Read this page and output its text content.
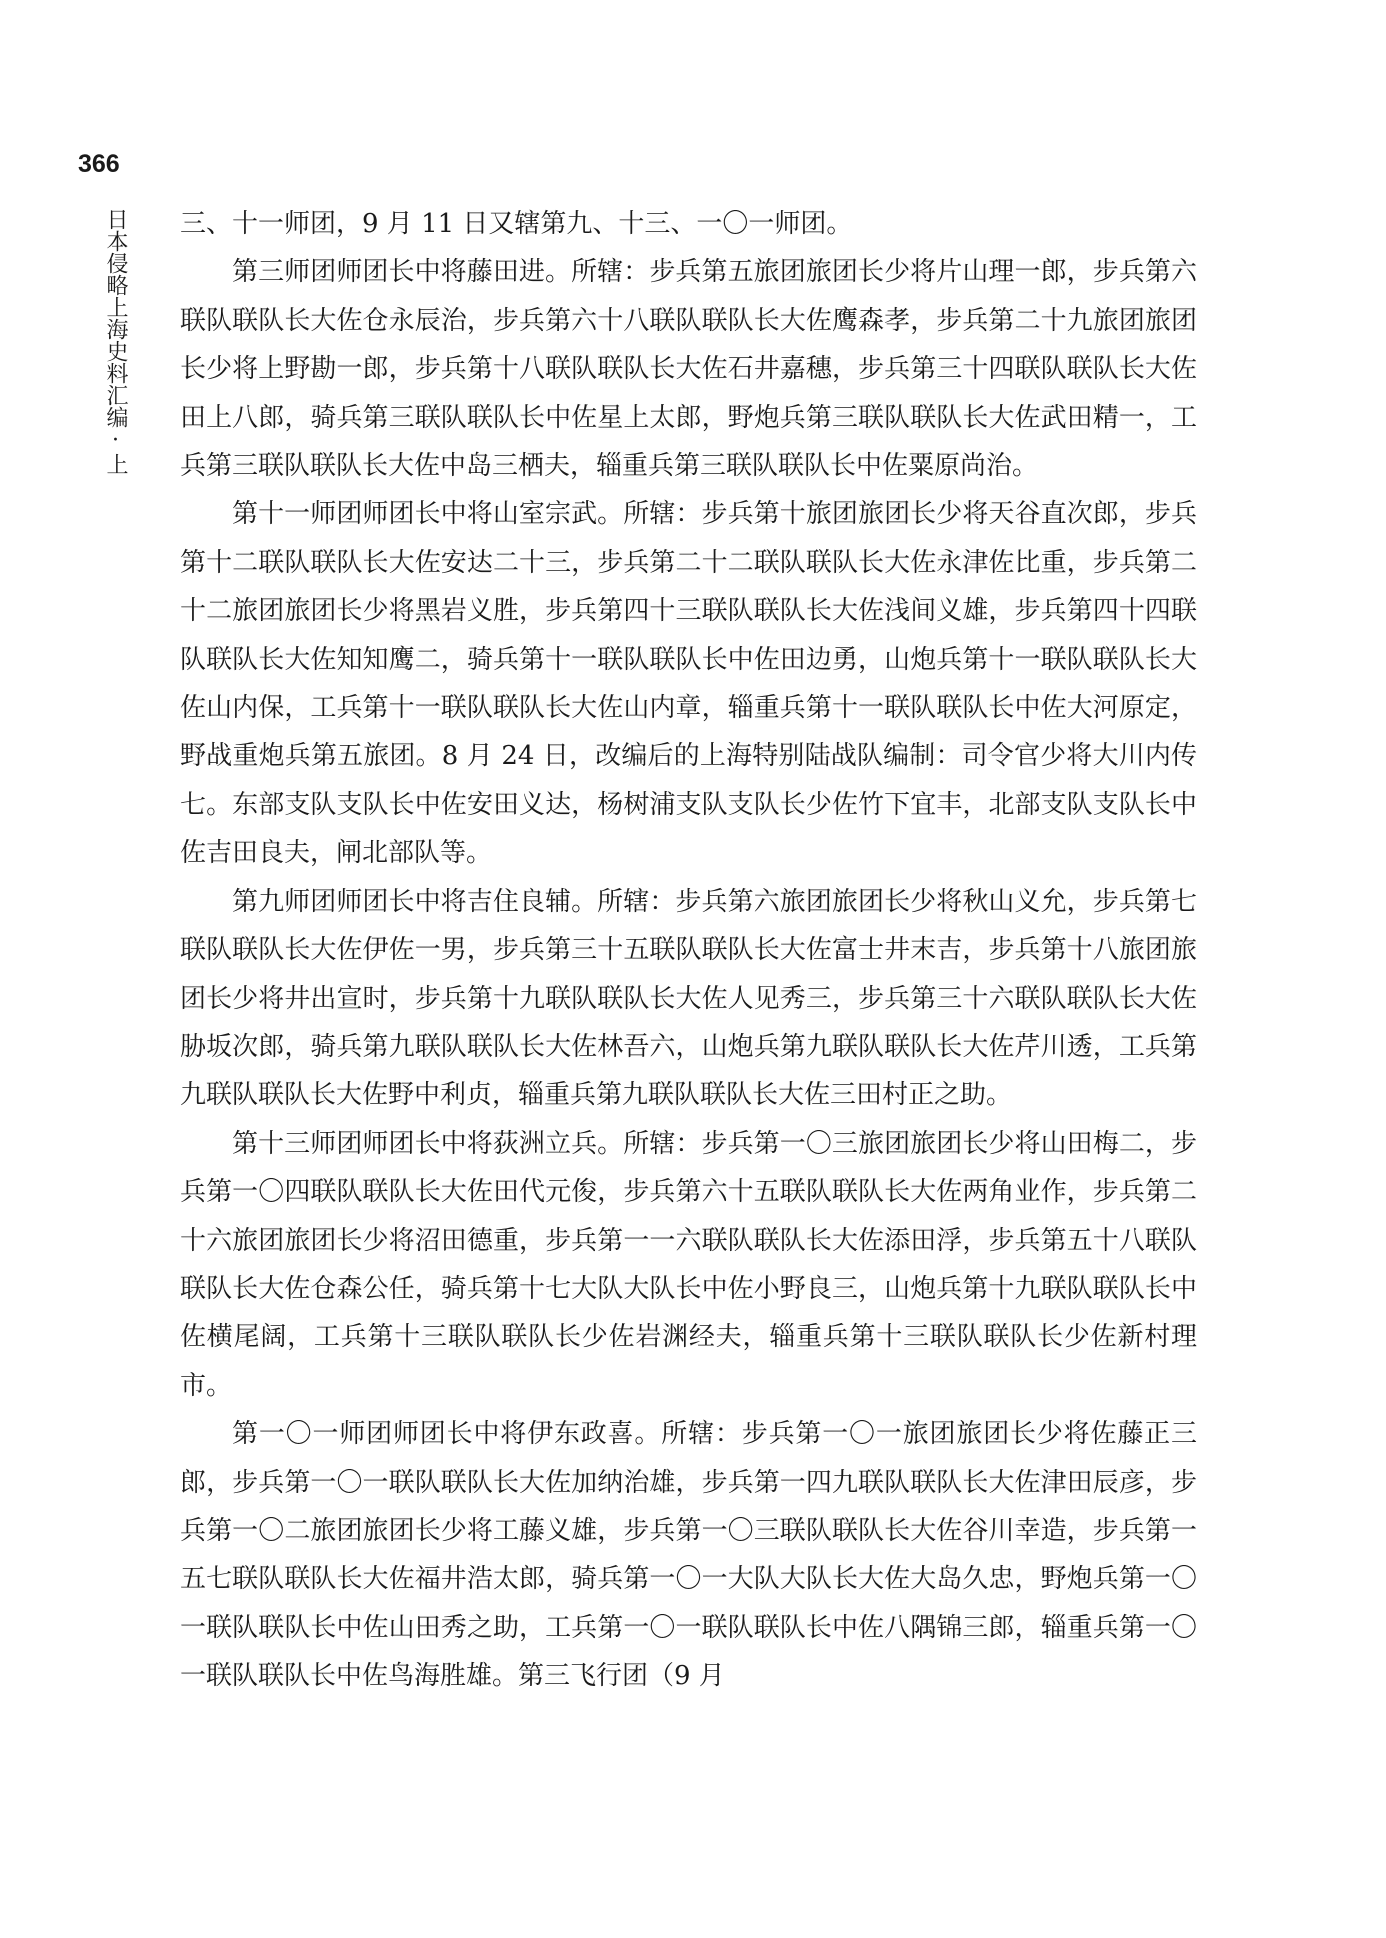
366
日本侵略上海史料汇编·上 三、十一师团，9 月 11 日又辖第九、十三、一〇一师团。

第三师团师团长中将藤田进。所辖：步兵第五旅团旅团长少将片山理一郎，步兵第六联队联队长大佐仓永辰治，步兵第六十八联队联队长大佐鹰森孝，步兵第二十九旅团旅团长少将上野勘一郎，步兵第十八联队联队长大佐石井嘉穗，步兵第三十四联队联队长大佐田上八郎，骑兵第三联队联队长中佐星上太郎，野炮兵第三联队联队长大佐武田精一，工兵第三联队联队长大佐中岛三栖夫，辎重兵第三联队联队长中佐粟原尚治。

第十一师团师团长中将山室宗武。所辖：步兵第十旅团旅团长少将天谷直次郎，步兵第十二联队联队长大佐安达二十三，步兵第二十二联队联队长大佐永津佐比重，步兵第二十二旅团旅团长少将黑岩义胜，步兵第四十三联队联队长大佐浅间义雄，步兵第四十四联队联队长大佐知知鹰二，骑兵第十一联队联队长中佐田边勇，山炮兵第十一联队联队长大佐山内保，工兵第十一联队联队长大佐山内章，辎重兵第十一联队联队长中佐大河原定，野战重炮兵第五旅团。8 月 24 日，改编后的上海特别陆战队编制：司令官少将大川内传七。东部支队支队长中佐安田义达，杨树浦支队支队长少佐竹下宜丰，北部支队支队长中佐吉田良夫，闸北部队等。

第九师团师团长中将吉住良辅。所辖：步兵第六旅团旅团长少将秋山义允，步兵第七联队联队长大佐伊佐一男，步兵第三十五联队联队长大佐富士井末吉，步兵第十八旅团旅团长少将井出宣时，步兵第十九联队联队长大佐人见秀三，步兵第三十六联队联队长大佐胁坂次郎，骑兵第九联队联队长大佐林吾六，山炮兵第九联队联队长大佐芹川透，工兵第九联队联队长大佐野中利贞，辎重兵第九联队联队长大佐三田村正之助。

第十三师团师团长中将荻洲立兵。所辖：步兵第一〇三旅团旅团长少将山田梅二，步兵第一〇四联队联队长大佐田代元俊，步兵第六十五联队联队长大佐两角业作，步兵第二十六旅团旅团长少将沼田德重，步兵第一一六联队联队长大佐添田浮，步兵第五十八联队联队长大佐仓森公任，骑兵第十七大队大队长中佐小野良三，山炮兵第十九联队联队长中佐横尾阔，工兵第十三联队联队长少佐岩渊经夫，辎重兵第十三联队联队长少佐新村理市。

第一〇一师团师团长中将伊东政喜。所辖：步兵第一〇一旅团旅团长少将佐藤正三郎，步兵第一〇一联队联队长大佐加纳治雄，步兵第一四九联队联队长大佐津田辰彦，步兵第一〇二旅团旅团长少将工藤义雄，步兵第一〇三联队联队长大佐谷川幸造，步兵第一五七联队联队长大佐福井浩太郎，骑兵第一〇一大队大队长大佐大岛久忠，野炮兵第一〇一联队联队长中佐山田秀之助，工兵第一〇一联队联队长中佐八隅锦三郎，辎重兵第一〇一联队联队长中佐鸟海胜雄。第三飞行团（9 月
